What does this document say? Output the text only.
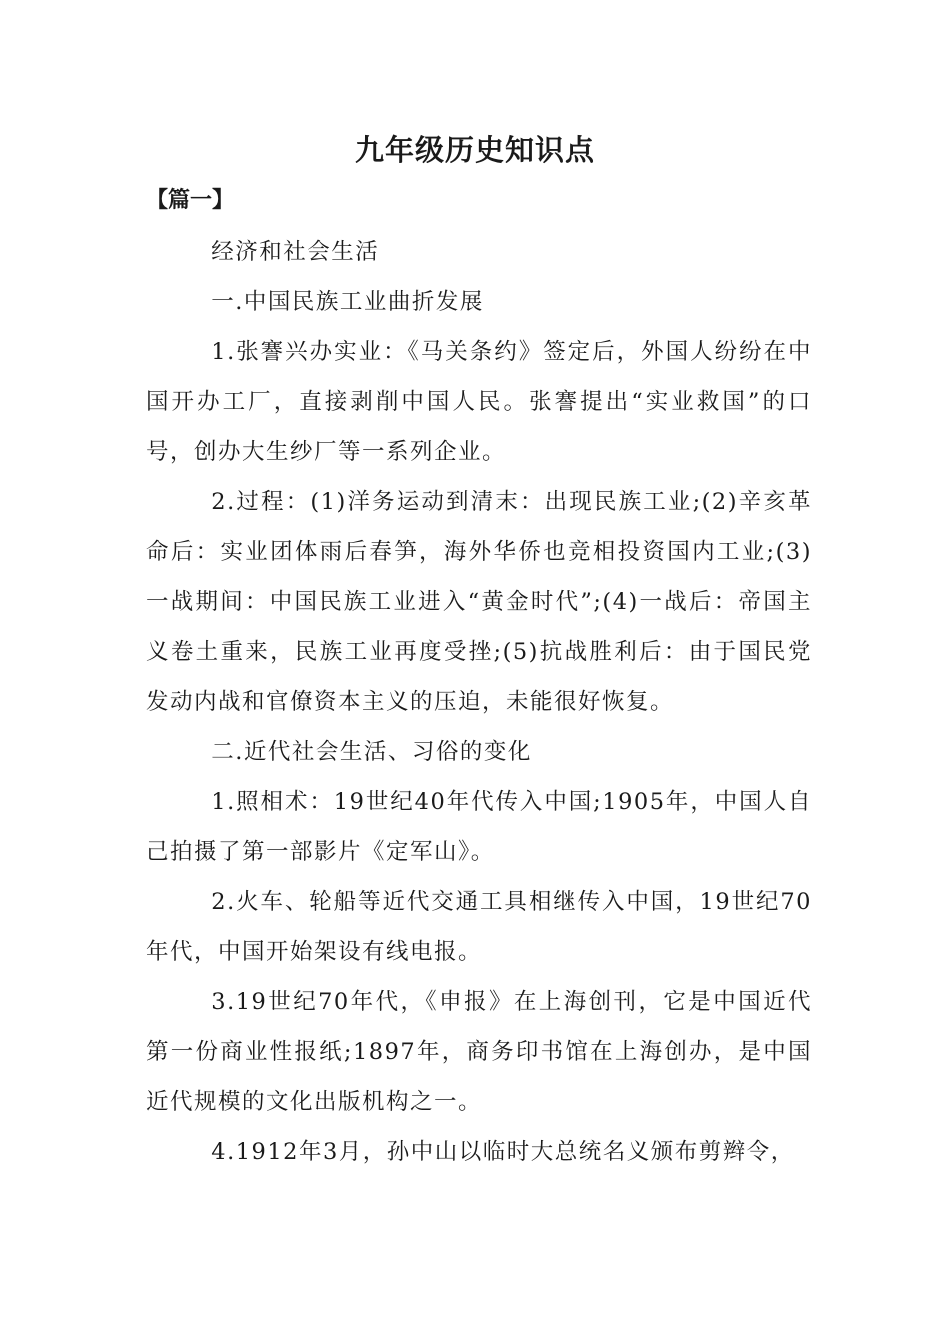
九年级历史知识点
【篇一】

经济和社会生活

一.中国民族工业曲折发展

1.张謇兴办实业：《马关条约》签定后，外国人纷纷在中国开办工厂，直接剥削中国人民。张謇提出“实业救国”的口号，创办大生纱厂等一系列企业。

2.过程：(1)洋务运动到清末：出现民族工业;(2)辛亥革命后：实业团体雨后春笋，海外华侨也竞相投资国内工业;(3)一战期间：中国民族工业进入“黄金时代”;(4)一战后：帝国主义卷土重来，民族工业再度受挫;(5)抗战胜利后：由于国民党发动内战和官僚资本主义的压迫，未能很好恢复。

二.近代社会生活、习俗的变化

1.照相术：19世纪40年代传入中国;1905年，中国人自己拍摄了第一部影片《定军山》。

2.火车、轮船等近代交通工具相继传入中国，19世纪70年代，中国开始架设有线电报。

3.19世纪70年代，《申报》在上海创刊，它是中国近代第一份商业性报纸;1897年，商务印书馆在上海创办，是中国近代规模的文化出版机构之一。

4.1912年3月，孙中山以临时大总统名义颁布剪辫令，
